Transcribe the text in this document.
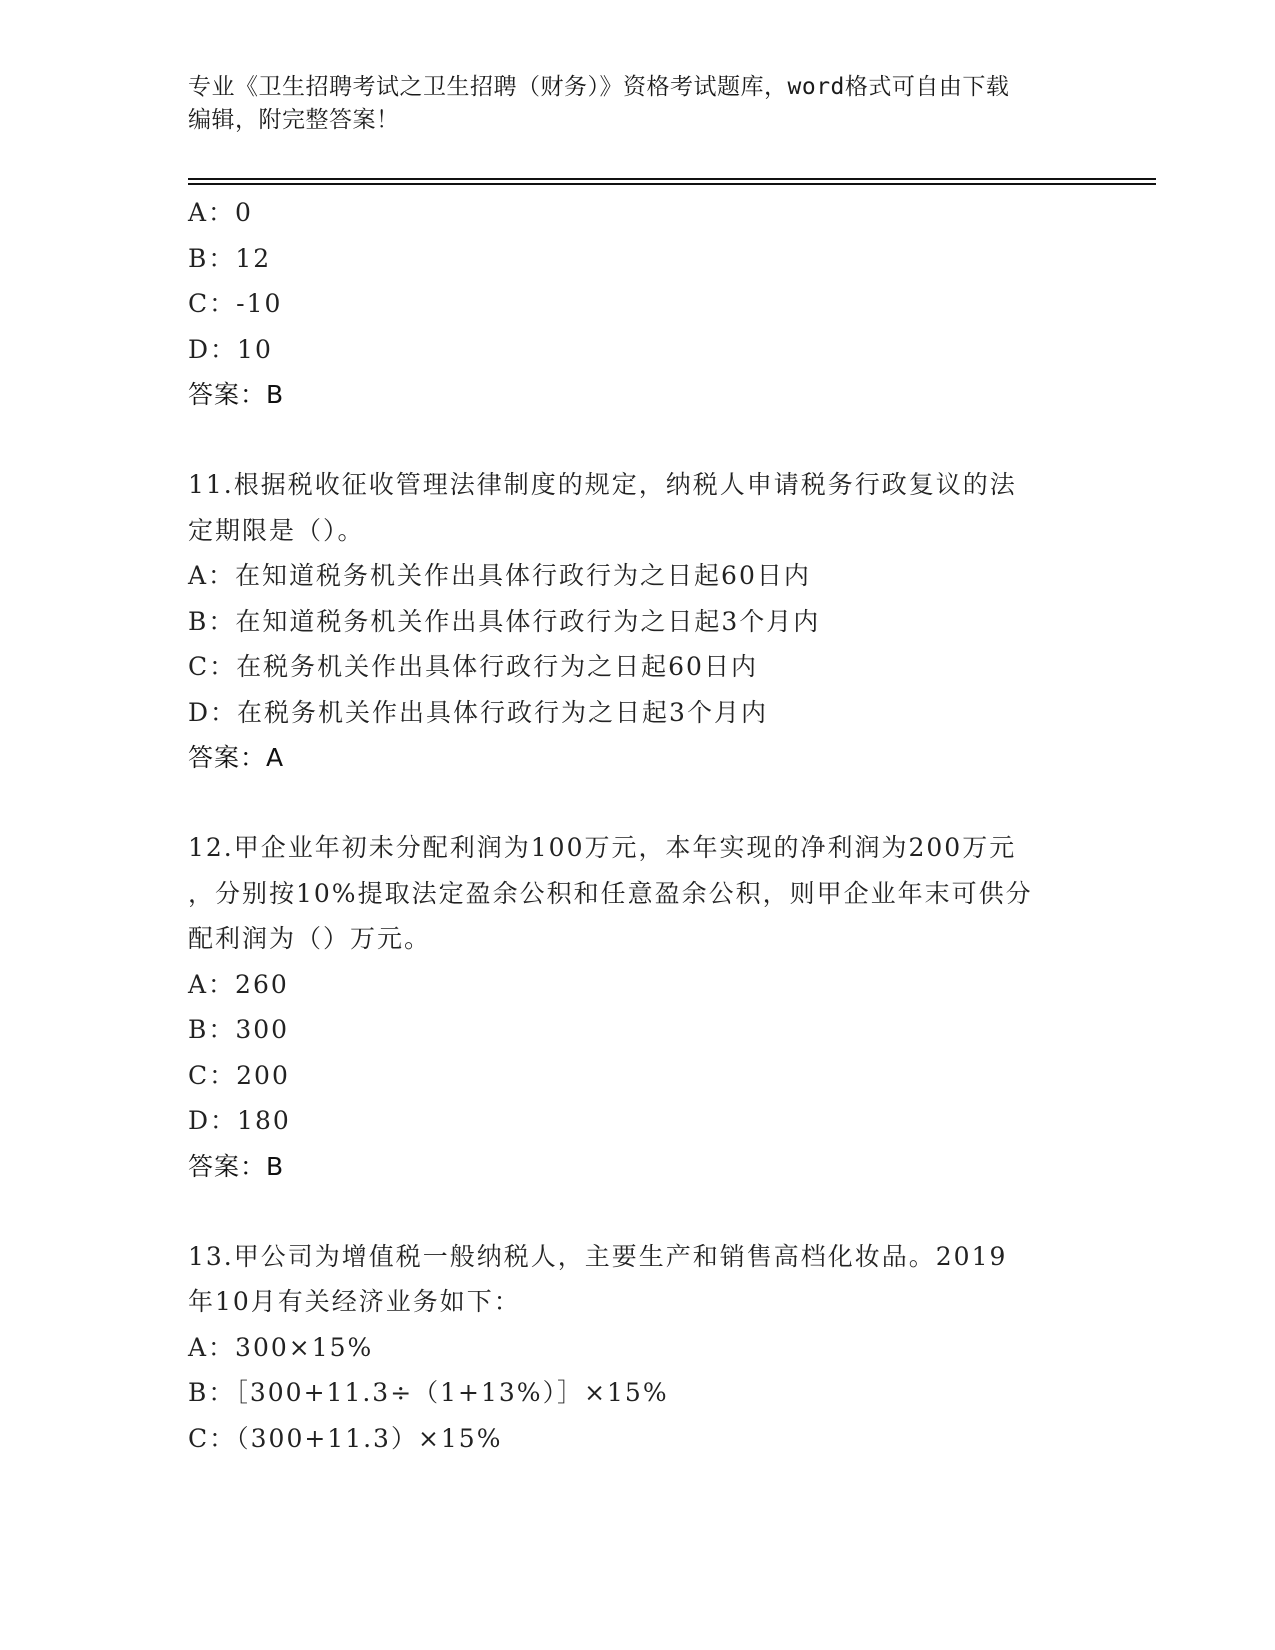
专业《卫生招聘考试之卫生招聘（财务）》资格考试题库，word格式可自由下载
编辑，附完整答案！
A：0
B：12
C：-10
D：10
答案：B
11.根据税收征收管理法律制度的规定，纳税人申请税务行政复议的法
定期限是（）。
A：在知道税务机关作出具体行政行为之日起60日内
B：在知道税务机关作出具体行政行为之日起3个月内
C：在税务机关作出具体行政行为之日起60日内
D：在税务机关作出具体行政行为之日起3个月内
答案：A
12.甲企业年初未分配利润为100万元，本年实现的净利润为200万元
，分别按10%提取法定盈余公积和任意盈余公积，则甲企业年末可供分
配利润为（）万元。
A：260
B：300
C：200
D：180
答案：B
13.甲公司为增值税一般纳税人，主要生产和销售高档化妆品。2019
年10月有关经济业务如下：
A：300×15%
B：［300+11.3÷（1+13%）］×15%
C：（300+11.3）×15%
